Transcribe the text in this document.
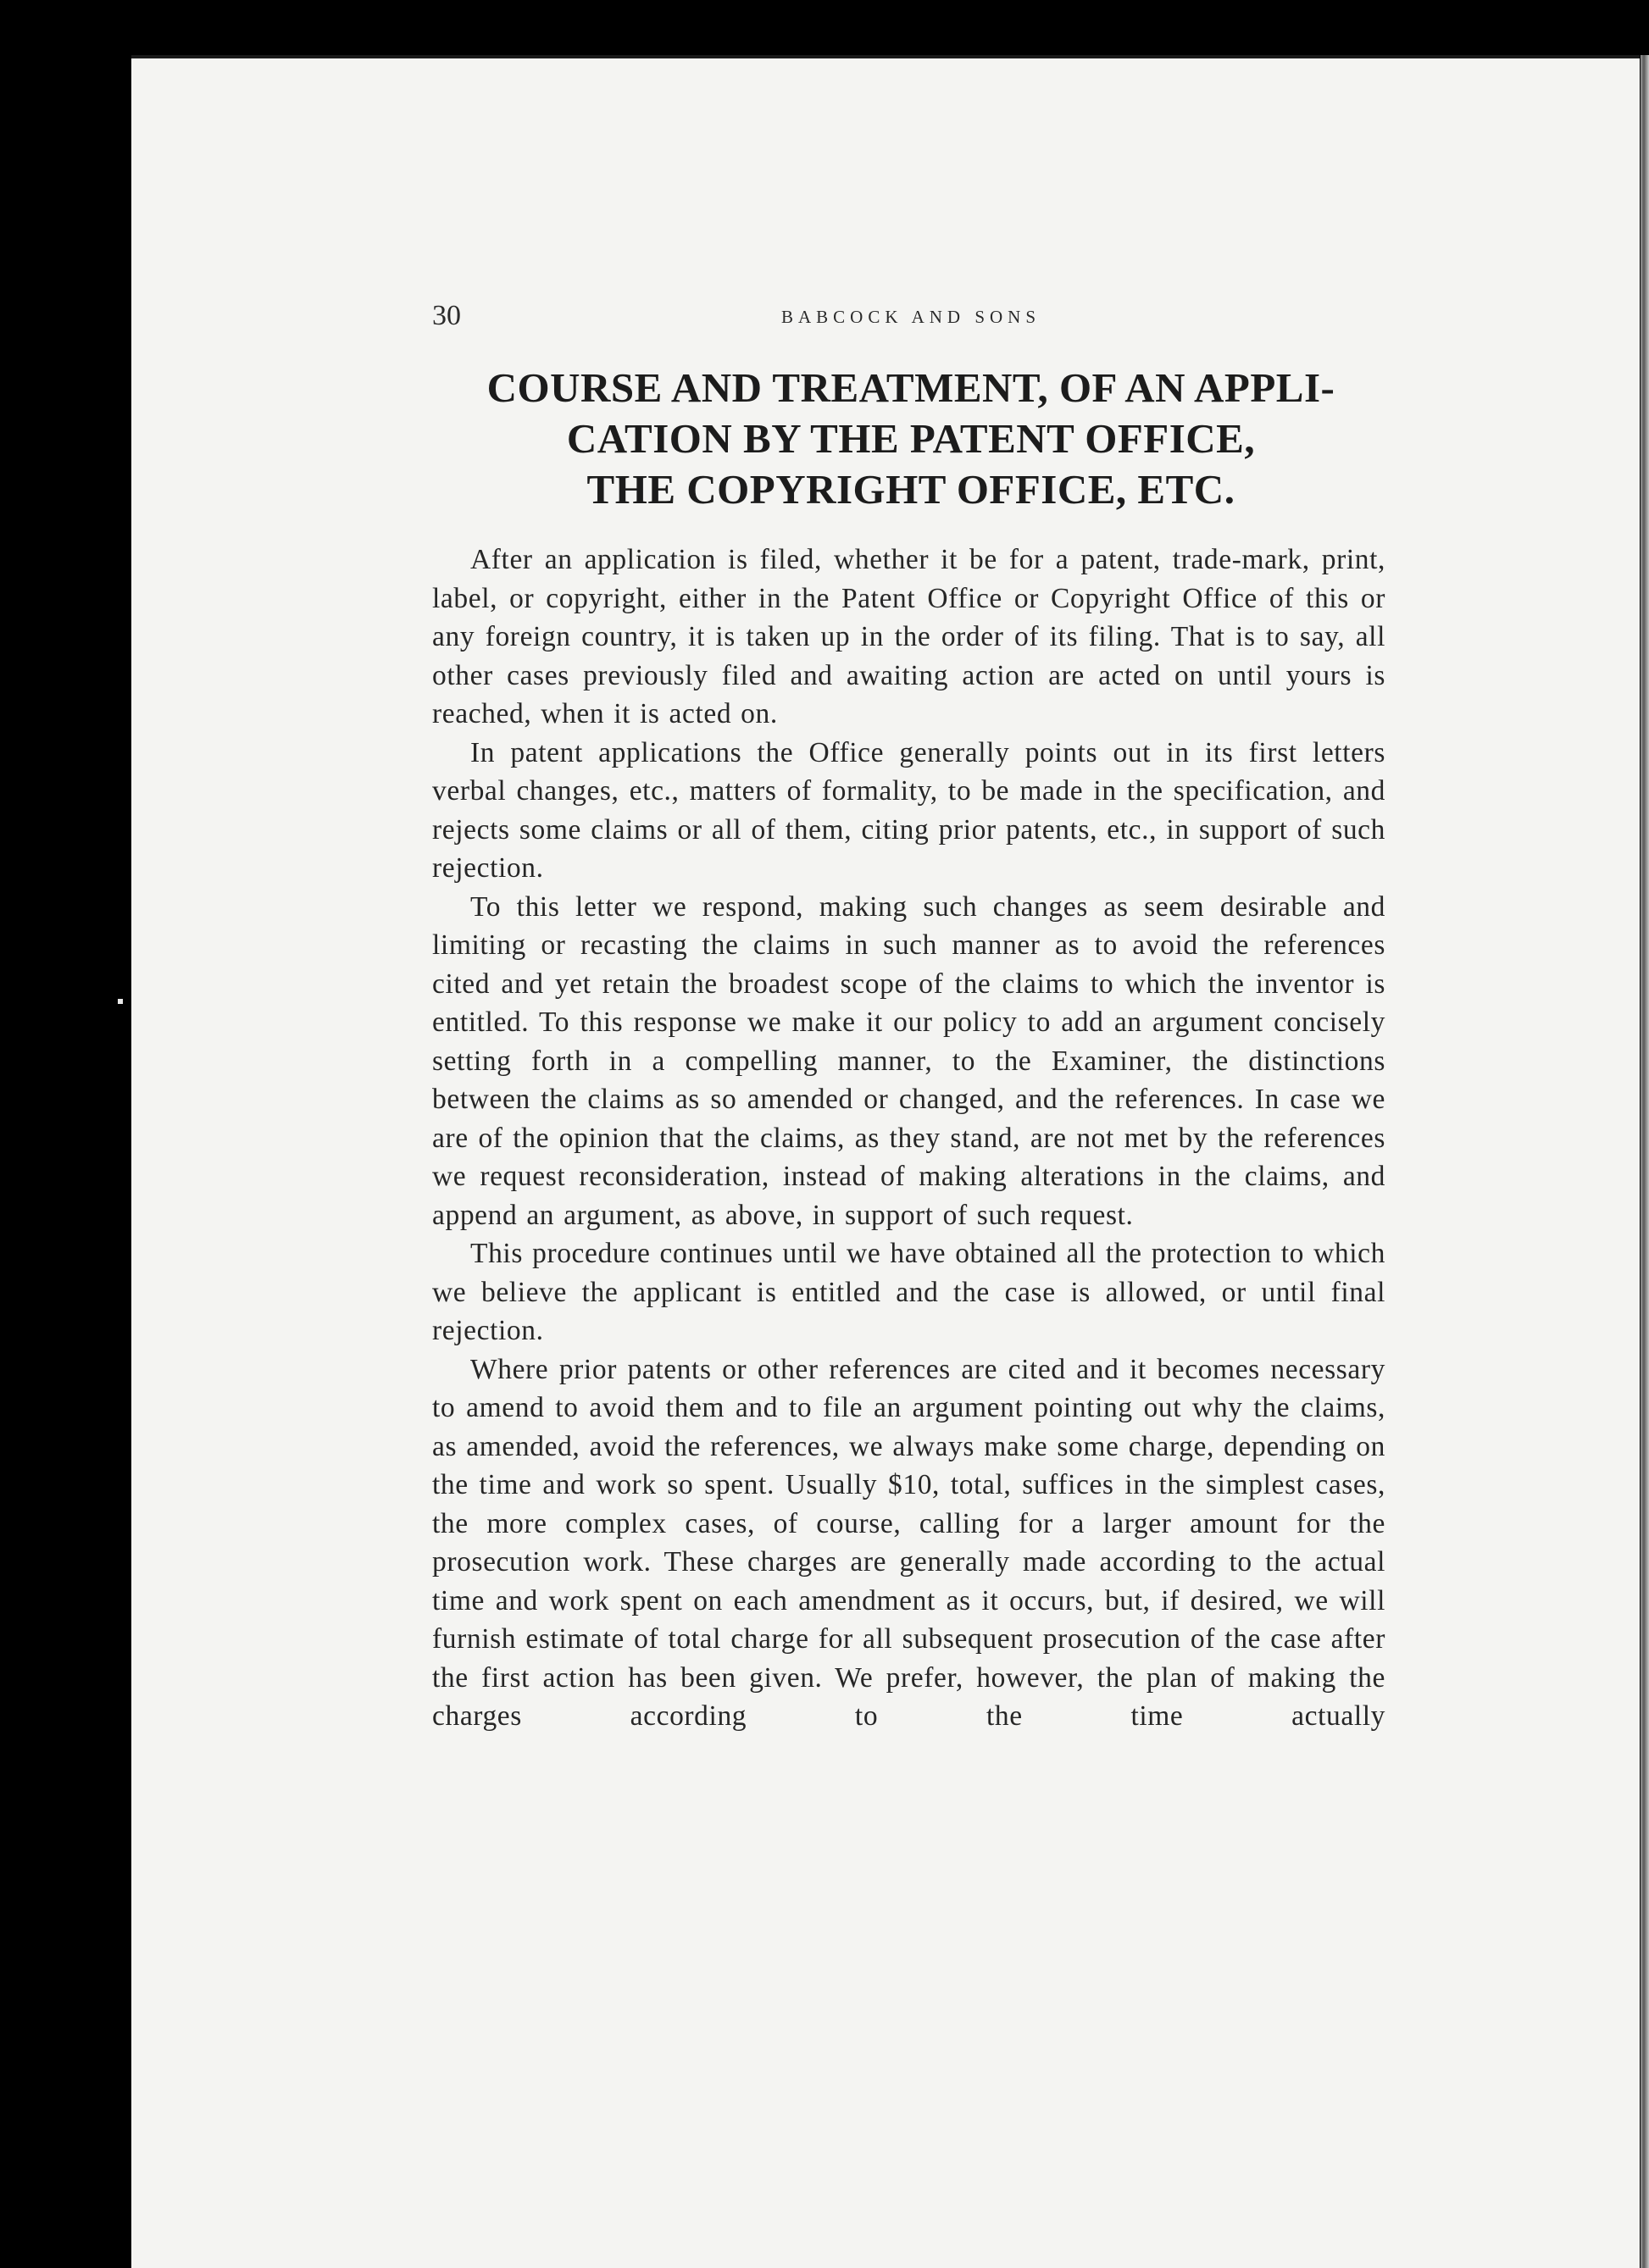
30	BABCOCK AND SONS
COURSE AND TREATMENT, OF AN APPLI-
CATION BY THE PATENT OFFICE,
THE COPYRIGHT OFFICE, ETC.

After an application is filed, whether it be for a patent, trade-mark, print, label, or copyright, either in the Patent Office or Copyright Office of this or any foreign country, it is taken up in the order of its filing. That is to say, all other cases previously filed and awaiting action are acted on until yours is reached, when it is acted on.

In patent applications the Office generally points out in its first letters verbal changes, etc., matters of formality, to be made in the specification, and rejects some claims or all of them, citing prior patents, etc., in support of such rejection.

To this letter we respond, making such changes as seem desirable and limiting or recasting the claims in such manner as to avoid the references cited and yet retain the broadest scope of the claims to which the inventor is entitled. To this response we make it our policy to add an argument concisely setting forth in a compelling manner, to the Examiner, the distinctions between the claims as so amended or changed, and the references. In case we are of the opinion that the claims, as they stand, are not met by the references we request reconsideration, instead of making alterations in the claims, and append an argument, as above, in support of such request.

This procedure continues until we have obtained all the protection to which we believe the applicant is entitled and the case is allowed, or until final rejection.

Where prior patents or other references are cited and it becomes necessary to amend to avoid them and to file an argument pointing out why the claims, as amended, avoid the references, we always make some charge, depending on the time and work so spent. Usually $10, total, suffices in the simplest cases, the more complex cases, of course, calling for a larger amount for the prosecution work. These charges are generally made according to the actual time and work spent on each amendment as it occurs, but, if desired, we will furnish estimate of total charge for all subsequent prosecution of the case after the first action has been given. We prefer, however, the plan of making the charges according to the time actually
